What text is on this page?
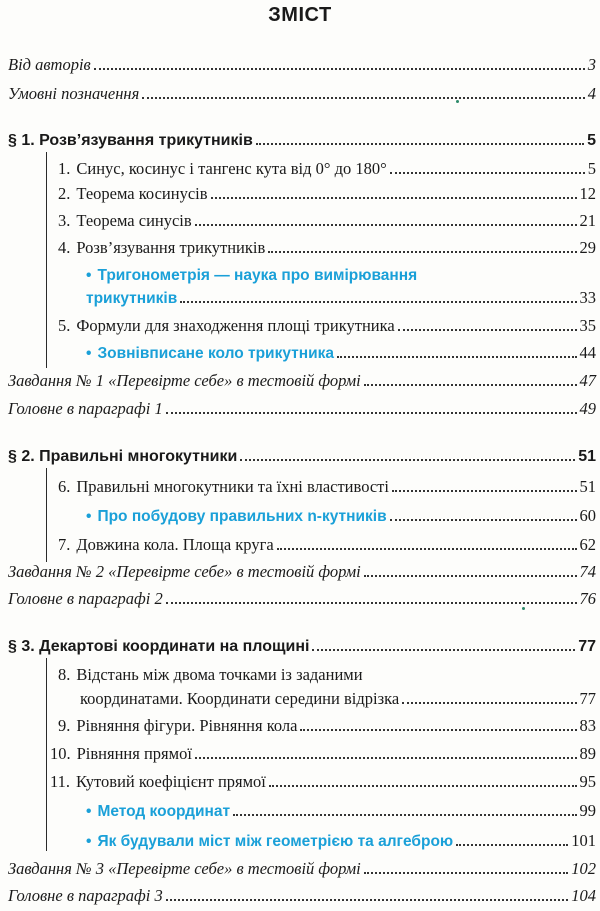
ЗМІСТ
Від авторів	3
Умовні позначення	4
§ 1. Розв’язування трикутників	5
1. Синус, косинус і тангенс кута від 0° до 180°	5
2. Теорема косинусів	12
3. Теорема синусів	21
4. Розв’язування трикутників	29
• Тригонометрія — наука про вимірювання
трикутників	33
5. Формули для знаходження площі трикутника	35
• Зовнівписане коло трикутника	44
Завдання № 1 «Перевірте себе» в тестовій формі	47
Головне в параграфі 1	49
§ 2. Правильні многокутники	51
6. Правильні многокутники та їхні властивості	51
• Про побудову правильних n-кутників	60
7. Довжина кола. Площа круга	62
Завдання № 2 «Перевірте себе» в тестовій формі	74
Головне в параграфі 2	76
§ 3. Декартові координати на площині	77
8. Відстань між двома точками із заданими
координатами. Координати середини відрізка	77
9. Рівняння фігури. Рівняння кола	83
10. Рівняння прямої	89
11. Кутовий коефіцієнт прямої	95
• Метод координат	99
• Як будували міст між геометрією та алгеброю	101
Завдання № 3 «Перевірте себе» в тестовій формі	102
Головне в параграфі 3	104
